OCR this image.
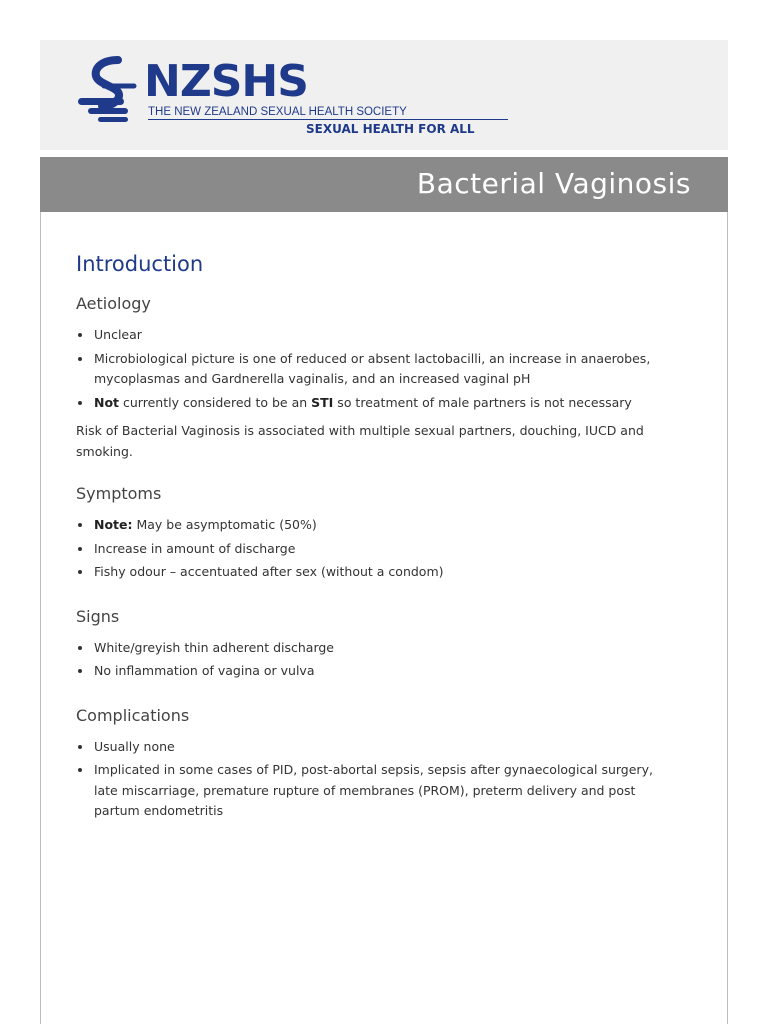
NZSHS
THE NEW ZEALAND SEXUAL HEALTH SOCIETY
SEXUAL HEALTH FOR ALL
Bacterial Vaginosis
Introduction
Aetiology
Unclear
Microbiological picture is one of reduced or absent lactobacilli, an increase in anaerobes, mycoplasmas and Gardnerella vaginalis, and an increased vaginal pH
Not currently considered to be an STI so treatment of male partners is not necessary

Risk of Bacterial Vaginosis is associated with multiple sexual partners, douching, IUCD and smoking.

Symptoms
Note: May be asymptomatic (50%)
Increase in amount of discharge
Fishy odour – accentuated after sex (without a condom)
Signs
White/greyish thin adherent discharge
No inflammation of vagina or vulva
Complications
Usually none
Implicated in some cases of PID, post-abortal sepsis, sepsis after gynaecological surgery, late miscarriage, premature rupture of membranes (PROM), preterm delivery and post partum endometritis
